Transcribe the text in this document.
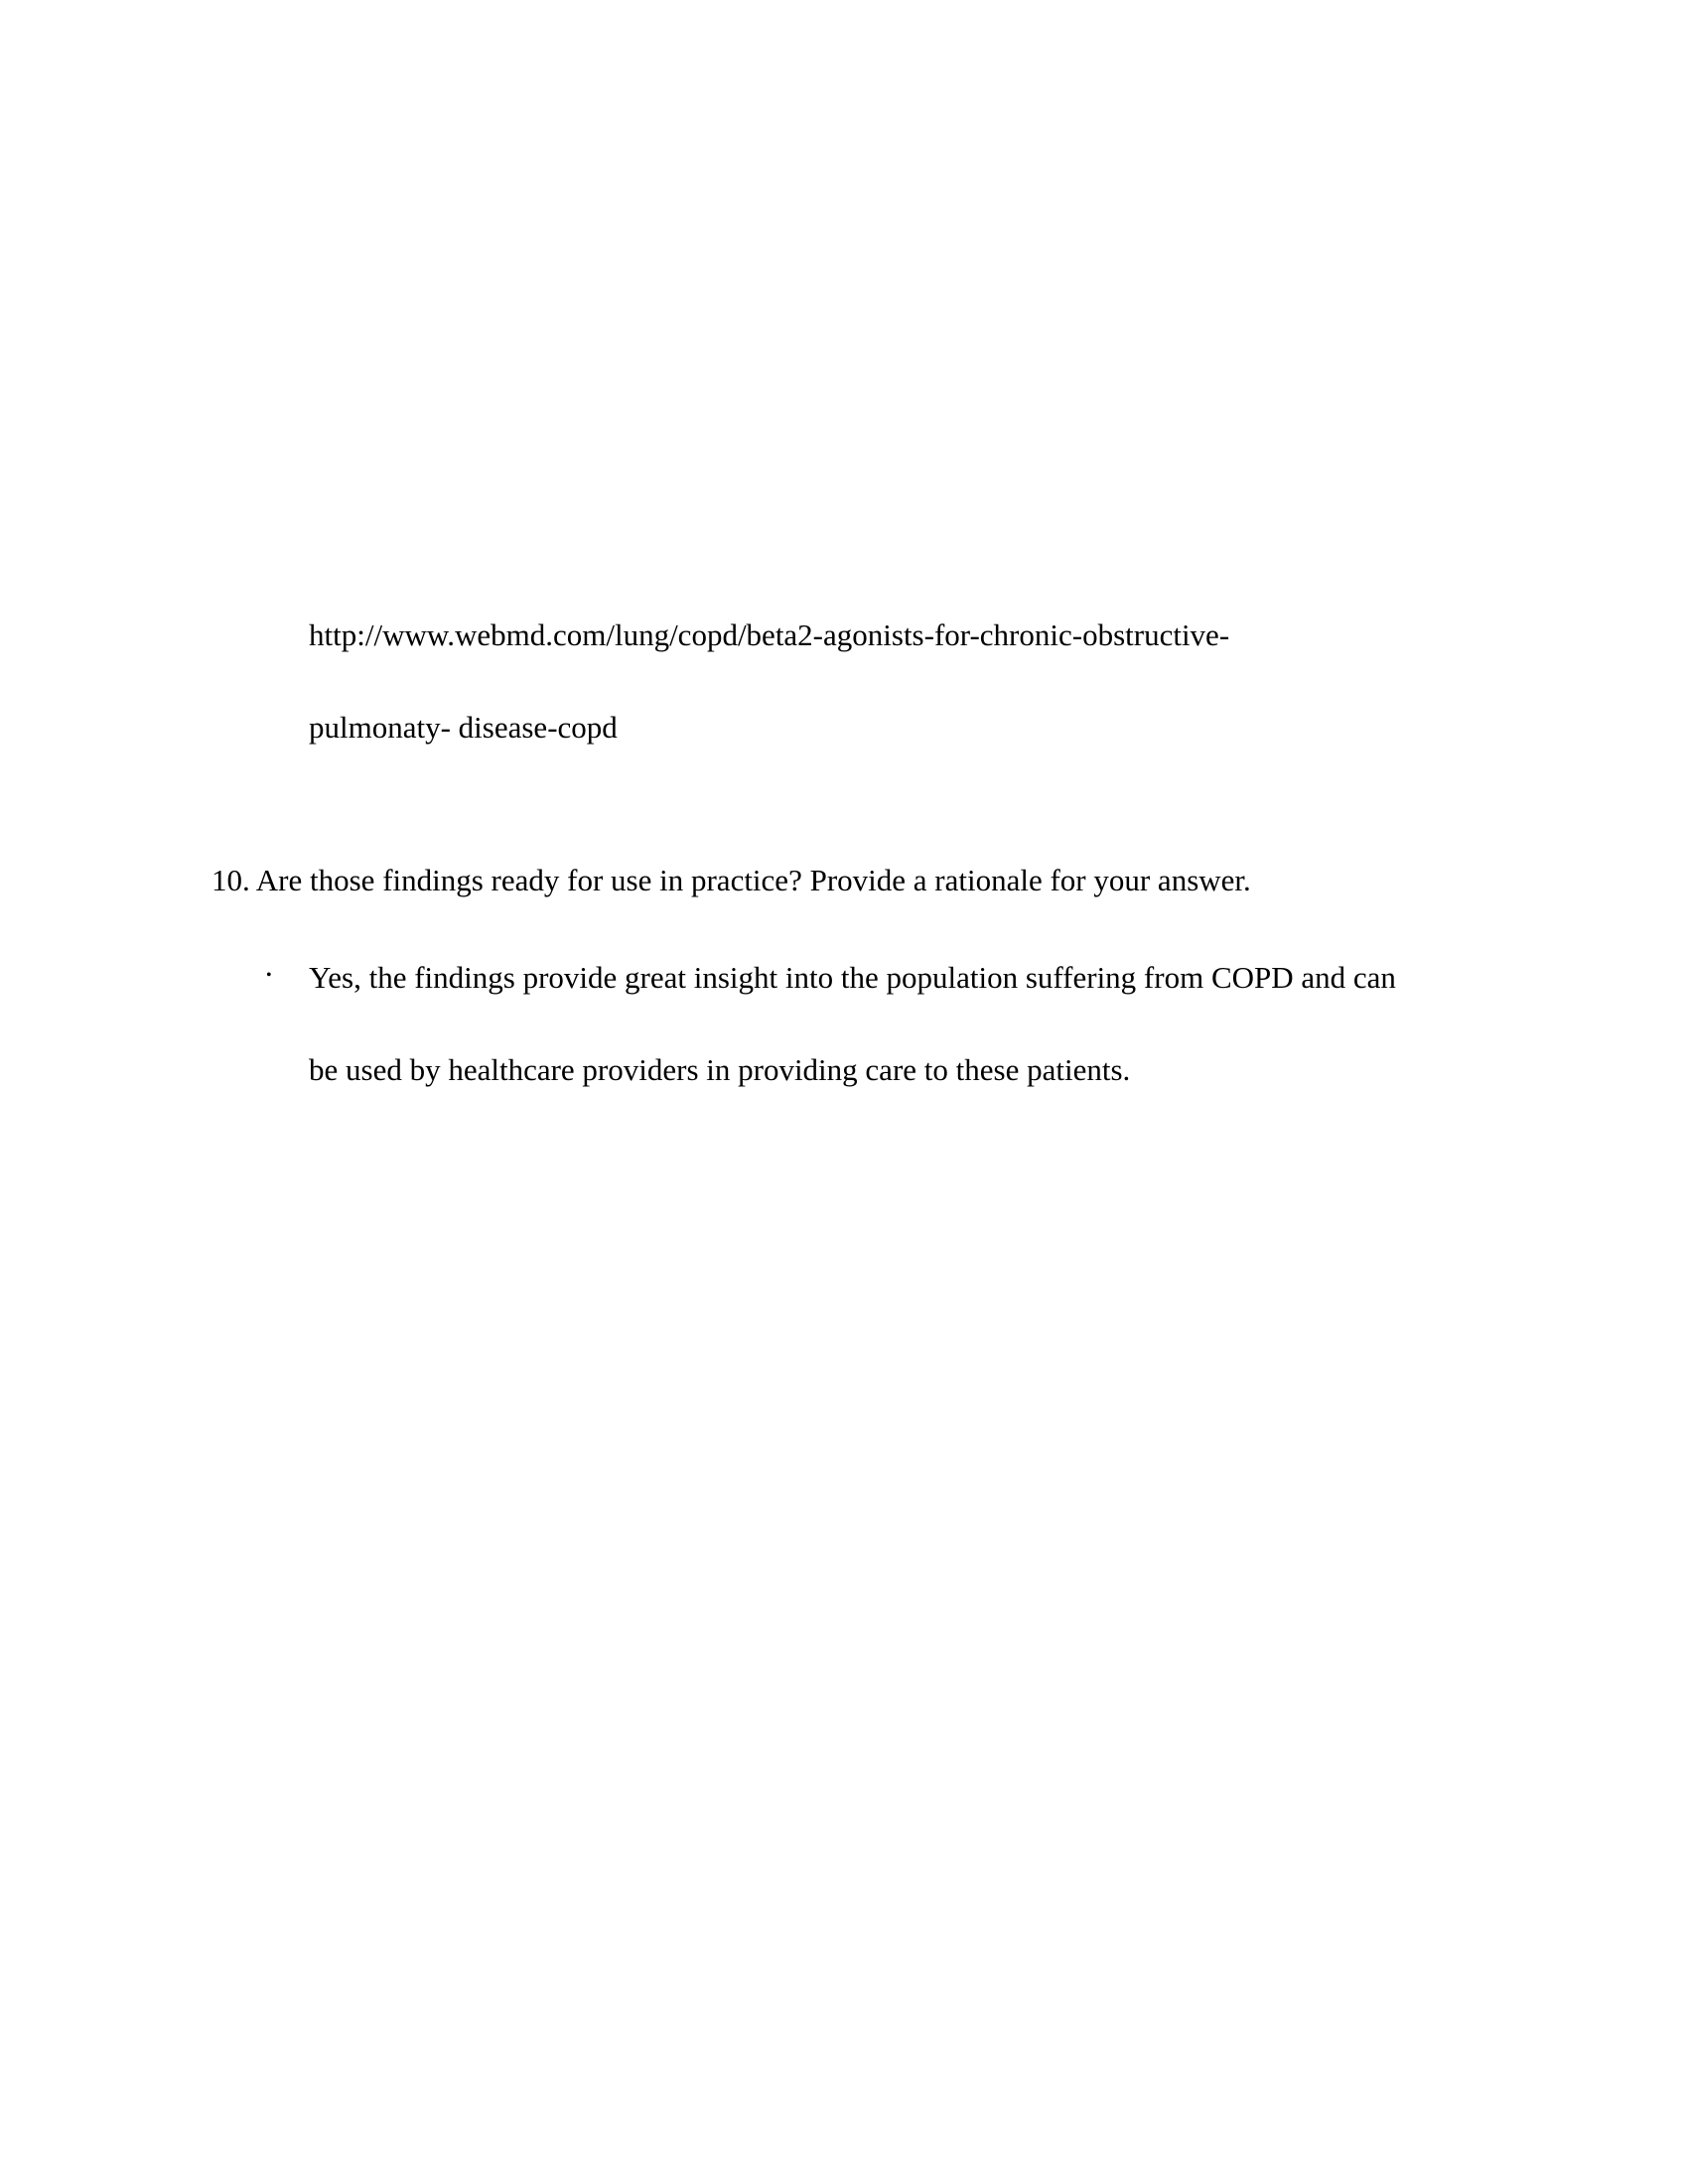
http://www.webmd.com/lung/copd/beta2-agonists-for-chronic-obstructive-
pulmonaty- disease-copd
10. Are those findings ready for use in practice? Provide a rationale for your answer.
• Yes, the findings provide great insight into the population suffering from COPD and can
be used by healthcare providers in providing care to these patients.
